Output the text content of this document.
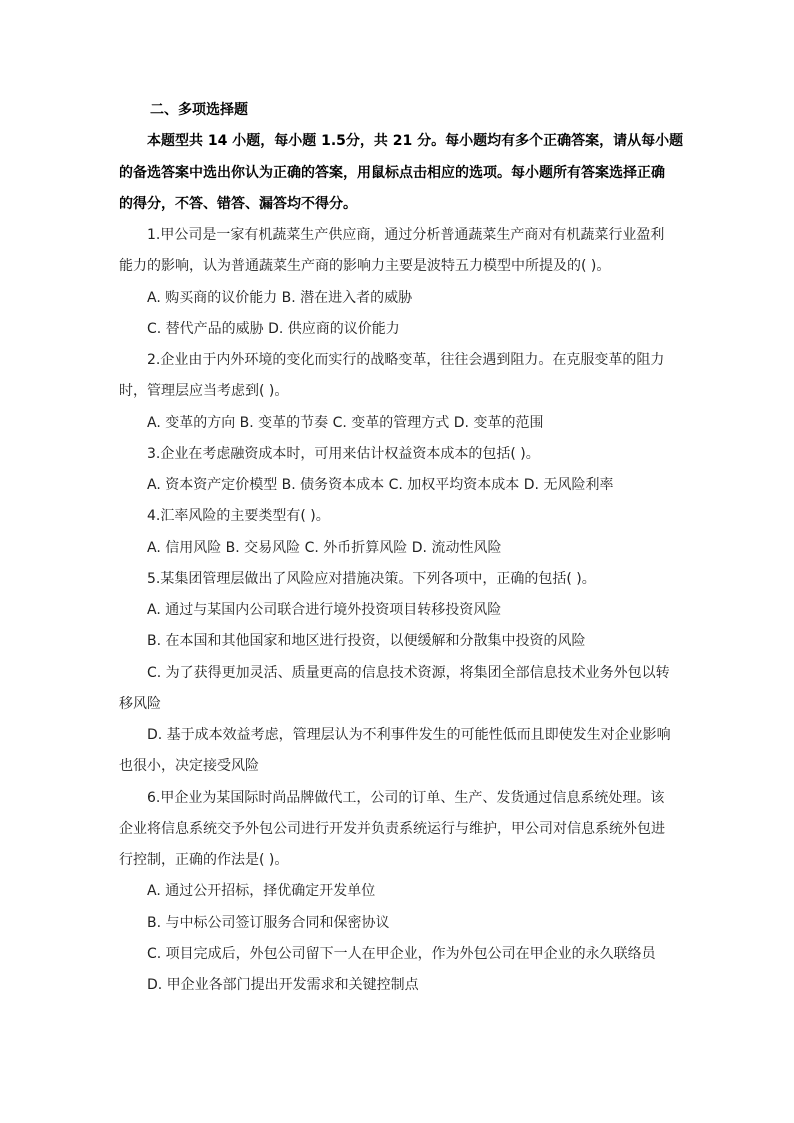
二、多项选择题
本题型共 14 小题，每小题 1.5分，共 21 分。每小题均有多个正确答案，请从每小题
的备选答案中选出你认为正确的答案，用鼠标点击相应的选项。每小题所有答案选择正确
的得分，不答、错答、漏答均不得分。
1.甲公司是一家有机蔬菜生产供应商，通过分析普通蔬菜生产商对有机蔬菜行业盈利
能力的影响，认为普通蔬菜生产商的影响力主要是波特五力模型中所提及的( )。
A. 购买商的议价能力 B. 潜在进入者的威胁
C. 替代产品的威胁 D. 供应商的议价能力
2.企业由于内外环境的变化而实行的战略变革，往往会遇到阻力。在克服变革的阻力
时，管理层应当考虑到( )。
A. 变革的方向 B. 变革的节奏 C. 变革的管理方式 D. 变革的范围
3.企业在考虑融资成本时，可用来估计权益资本成本的包括( )。
A. 资本资产定价模型 B. 债务资本成本 C. 加权平均资本成本 D. 无风险利率
4.汇率风险的主要类型有( )。
A. 信用风险 B. 交易风险 C. 外币折算风险 D. 流动性风险
5.某集团管理层做出了风险应对措施决策。下列各项中，正确的包括( )。
A. 通过与某国内公司联合进行境外投资项目转移投资风险
B. 在本国和其他国家和地区进行投资，以便缓解和分散集中投资的风险
C. 为了获得更加灵活、质量更高的信息技术资源，将集团全部信息技术业务外包以转
移风险
D. 基于成本效益考虑，管理层认为不利事件发生的可能性低而且即使发生对企业影响
也很小，决定接受风险
6.甲企业为某国际时尚品牌做代工，公司的订单、生产、发货通过信息系统处理。该
企业将信息系统交予外包公司进行开发并负责系统运行与维护，甲公司对信息系统外包进
行控制，正确的作法是( )。
A. 通过公开招标，择优确定开发单位
B. 与中标公司签订服务合同和保密协议
C. 项目完成后，外包公司留下一人在甲企业，作为外包公司在甲企业的永久联络员
D. 甲企业各部门提出开发需求和关键控制点
